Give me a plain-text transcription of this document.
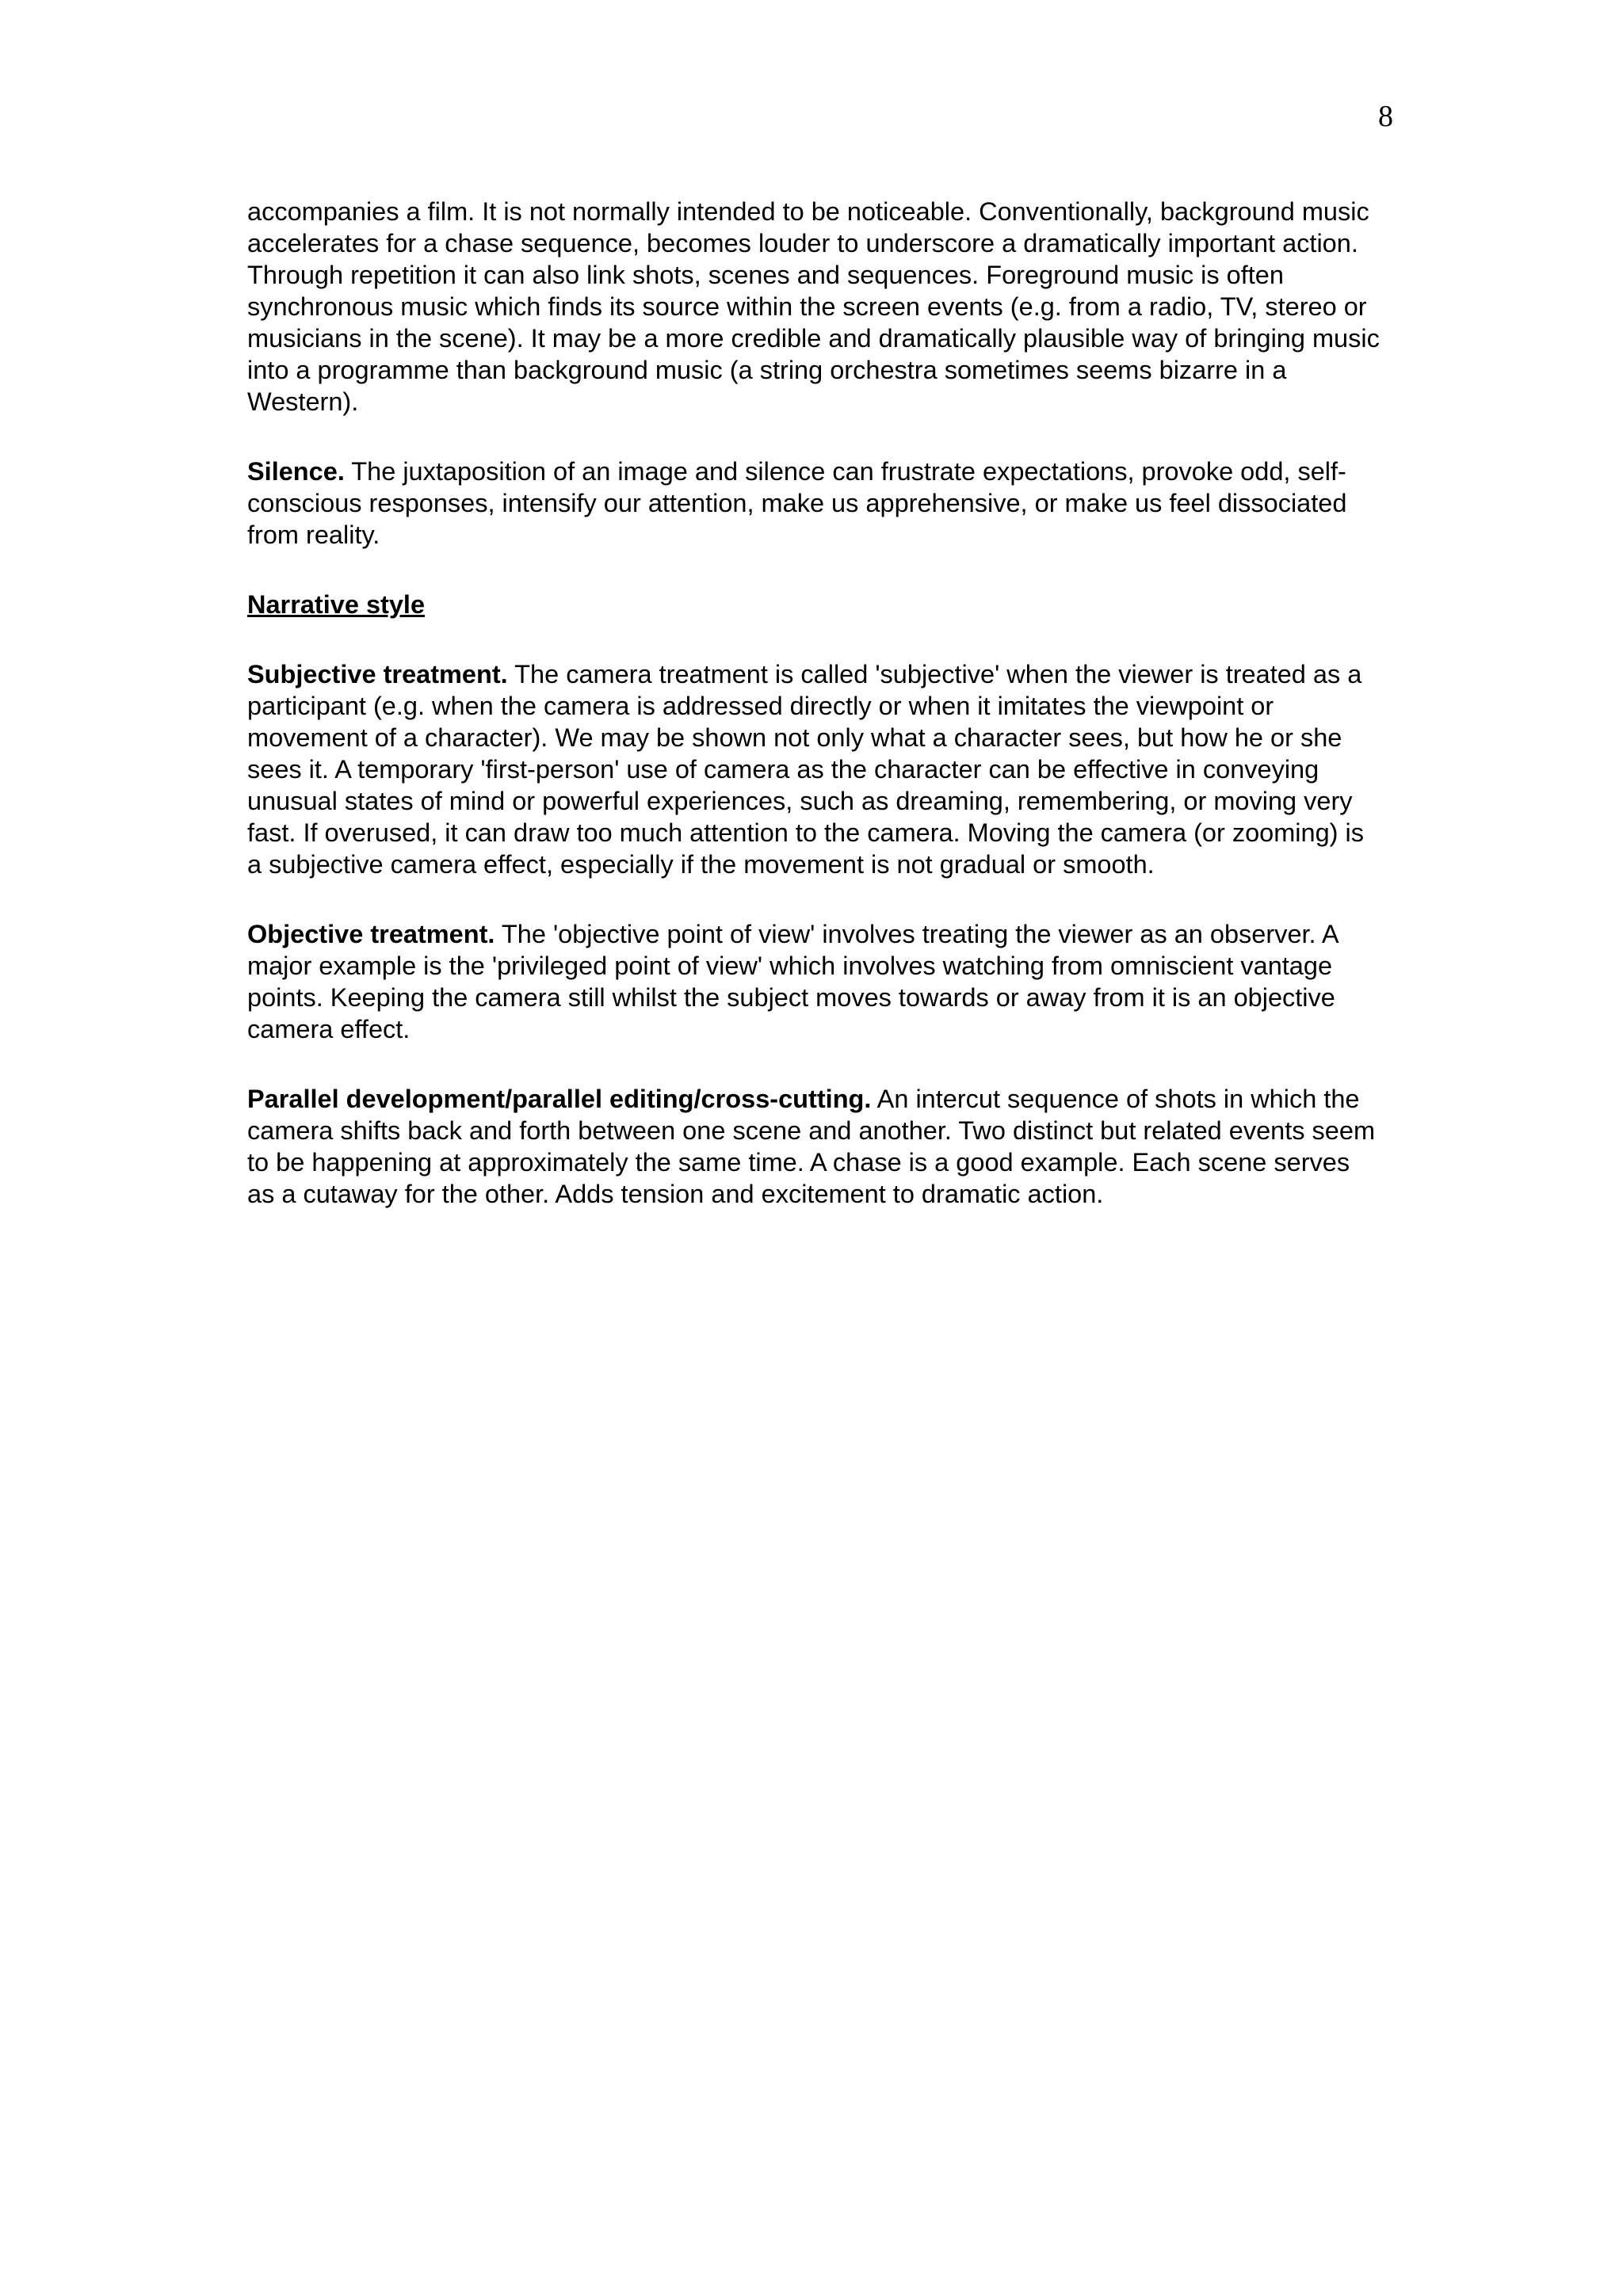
8

accompanies a film. It is not normally intended to be noticeable. Conventionally, background music accelerates for a chase sequence, becomes louder to underscore a dramatically important action. Through repetition it can also link shots, scenes and sequences. Foreground music is often synchronous music which finds its source within the screen events (e.g. from a radio, TV, stereo or musicians in the scene). It may be a more credible and dramatically plausible way of bringing music into a programme than background music (a string orchestra sometimes seems bizarre in a Western).

Silence. The juxtaposition of an image and silence can frustrate expectations, provoke odd, self-conscious responses, intensify our attention, make us apprehensive, or make us feel dissociated from reality.

Narrative style

Subjective treatment. The camera treatment is called 'subjective' when the viewer is treated as a participant (e.g. when the camera is addressed directly or when it imitates the viewpoint or movement of a character). We may be shown not only what a character sees, but how he or she sees it. A temporary 'first-person' use of camera as the character can be effective in conveying unusual states of mind or powerful experiences, such as dreaming, remembering, or moving very fast. If overused, it can draw too much attention to the camera. Moving the camera (or zooming) is a subjective camera effect, especially if the movement is not gradual or smooth.

Objective treatment. The 'objective point of view' involves treating the viewer as an observer. A major example is the 'privileged point of view' which involves watching from omniscient vantage points. Keeping the camera still whilst the subject moves towards or away from it is an objective camera effect.

Parallel development/parallel editing/cross-cutting. An intercut sequence of shots in which the camera shifts back and forth between one scene and another. Two distinct but related events seem to be happening at approximately the same time. A chase is a good example. Each scene serves as a cutaway for the other. Adds tension and excitement to dramatic action.
